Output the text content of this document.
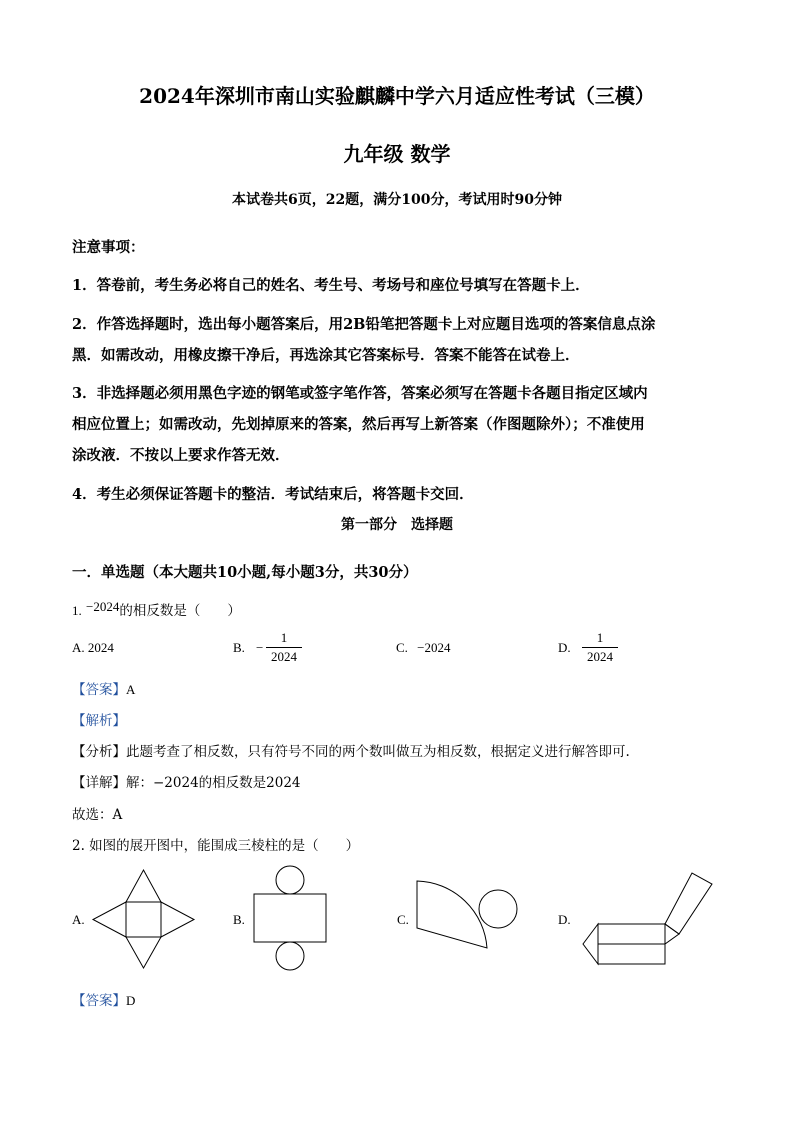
2024年深圳市南山实验麒麟中学六月适应性考试（三模）
九年级 数学
本试卷共6页，22题，满分100分，考试用时90分钟
注意事项：
1．答卷前，考生务必将自己的姓名、考生号、考场号和座位号填写在答题卡上．
2．作答选择题时，选出每小题答案后，用2B铅笔把答题卡上对应题目选项的答案信息点涂
黑．如需改动，用橡皮擦干净后，再选涂其它答案标号．答案不能答在试卷上．
3．非选择题必须用黑色字迹的钢笔或签字笔作答，答案必须写在答题卡各题目指定区域内
相应位置上；如需改动，先划掉原来的答案，然后再写上新答案（作图题除外）；不准使用
涂改液．不按以上要求作答无效．
4．考生必须保证答题卡的整洁．考试结束后，将答题卡交回．
第一部分　选择题
一．单选题（本大题共10小题,每小题3分，共30分）
1. −2024的相反数是（　　）
A. 2024	B. −
1
2024
C. −2024	D.
1
2024
【答案】A
【解析】
【分析】此题考查了相反数，只有符号不同的两个数叫做互为相反数，根据定义进行解答即可.
【详解】解：−2024的相反数是2024
故选：A
2. 如图的展开图中，能围成三棱柱的是（　　）
A.	B.	C.	D.
【答案】D
